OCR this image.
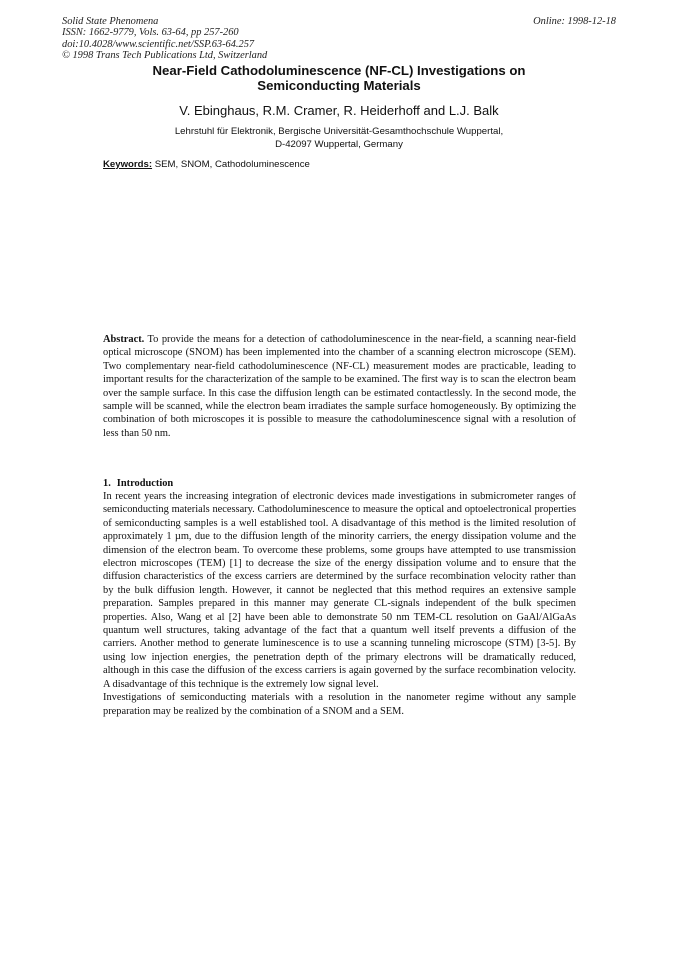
Solid State Phenomena
ISSN: 1662-9779, Vols. 63-64, pp 257-260
doi:10.4028/www.scientific.net/SSP.63-64.257
© 1998 Trans Tech Publications Ltd, Switzerland
Online: 1998-12-18
Near-Field Cathodoluminescence (NF-CL) Investigations on
Semiconducting Materials
V. Ebinghaus, R.M. Cramer, R. Heiderhoff and L.J. Balk
Lehrstuhl für Elektronik, Bergische Universität-Gesamthochschule Wuppertal,
D-42097 Wuppertal, Germany
Keywords: SEM, SNOM, Cathodoluminescence
Abstract. To provide the means for a detection of cathodoluminescence in the near-field, a scanning near-field optical microscope (SNOM) has been implemented into the chamber of a scanning electron microscope (SEM). Two complementary near-field cathodoluminescence (NF-CL) measurement modes are practicable, leading to important results for the characterization of the sample to be examined. The first way is to scan the electron beam over the sample surface. In this case the diffusion length can be estimated contactlessly. In the second mode, the sample will be scanned, while the electron beam irradiates the sample surface homogeneously. By optimizing the combination of both microscopes it is possible to measure the cathodoluminescence signal with a resolution of less than 50 nm.
1. Introduction

In recent years the increasing integration of electronic devices made investigations in submicrometer ranges of semiconducting materials necessary. Cathodoluminescence to measure the optical and optoelectronical properties of semiconducting samples is a well established tool. A disadvantage of this method is the limited resolution of approximately 1 µm, due to the diffusion length of the minority carriers, the energy dissipation volume and the dimension of the electron beam. To overcome these problems, some groups have attempted to use transmission electron microscopes (TEM) [1] to decrease the size of the energy dissipation volume and to ensure that the diffusion characteristics of the excess carriers are determined by the surface recombination velocity rather than by the bulk diffusion length. However, it cannot be neglected that this method requires an extensive sample preparation. Samples prepared in this manner may generate CL-signals independent of the bulk specimen properties. Also, Wang et al [2] have been able to demonstrate 50 nm TEM-CL resolution on GaAl/AlGaAs quantum well structures, taking advantage of the fact that a quantum well itself prevents a diffusion of the carriers. Another method to generate luminescence is to use a scanning tunneling microscope (STM) [3-5]. By using low injection energies, the penetration depth of the primary electrons will be dramatically reduced, although in this case the diffusion of the excess carriers is again governed by the surface recombination velocity. A disadvantage of this technique is the extremely low signal level.

Investigations of semiconducting materials with a resolution in the nanometer regime without any sample preparation may be realized by the combination of a SNOM and a SEM.
